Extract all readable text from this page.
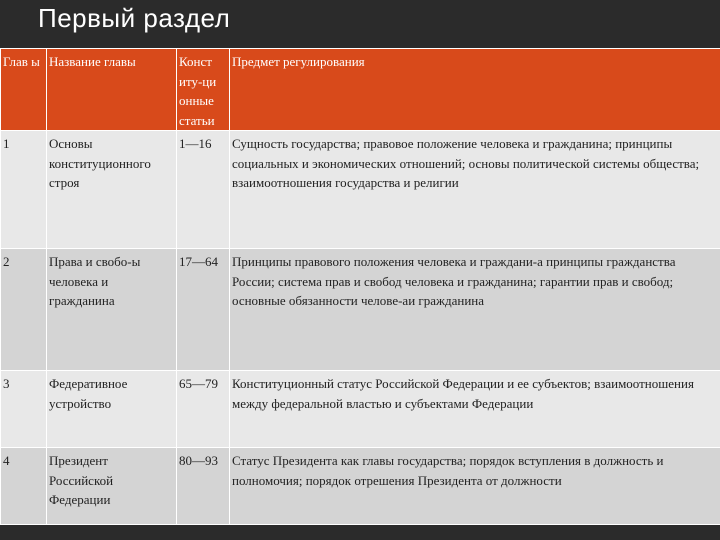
Первый раздел
Глав ы	Название главы	Конст иту-ци онные статьи	Предмет регулирования
1	Основы конституционного строя	1—16	Сущность государства; правовое положение человека и гражданина; принципы социальных и экономических отношений; основы политической системы общества; взаимоотношения государства и религии
2	Права и свобо-ы человека и гражданина	17—64	Принципы правового положения человека и граждани-а принципы гражданства России; система прав и свобод человека и гражданина; гарантии прав и свобод; основные обязанности челове-аи гражданина
3	Федеративное устройство	65—79	Конституционный статус Российской Федерации и ее субъектов; взаимоотношения между федеральной властью и субъектами Федерации
4	Президент Российской Федерации	80—93	Статус Президента как главы государства; порядок вступления в должность и полномочия; порядок отрешения Президента от должности
